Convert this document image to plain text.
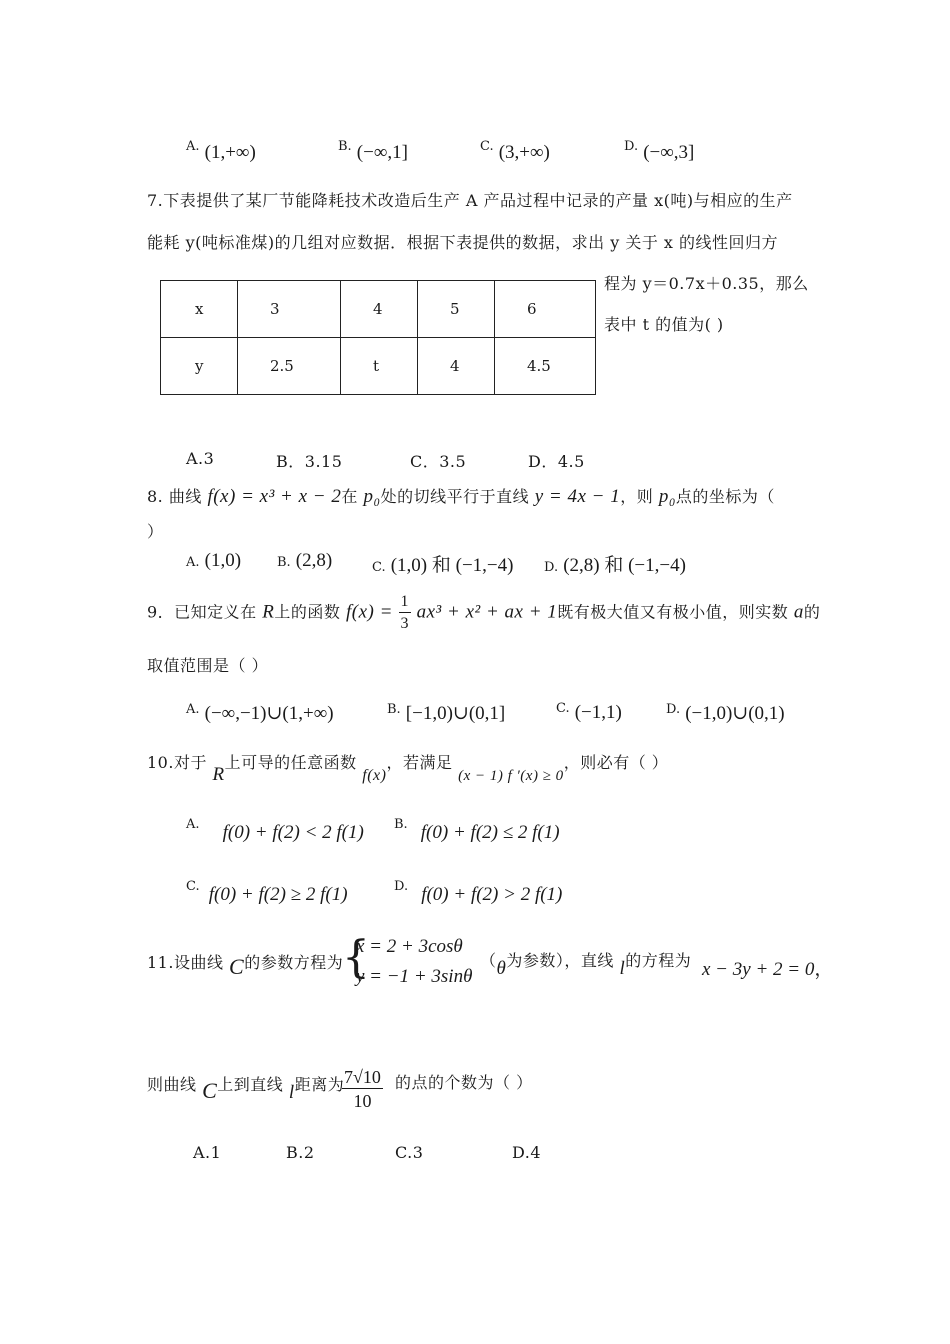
A. (1,+∞)	B. (−∞,1]	C. (3,+∞)	D. (−∞,3]
7.下表提供了某厂节能降耗技术改造后生产 A 产品过程中记录的产量 x(吨)与相应的生产
能耗 y(吨标准煤)的几组对应数据．根据下表提供的数据，求出 y 关于 x 的线性回归方
程为 y＝0.7x＋0.35，那么
表中 t 的值为( )
x	3	4	5	6
y	2.5	t	4	4.5
A.3	B．3.15	C．3.5	D．4.5
8. 曲线 f(x) = x³ + x − 2在 p₀处的切线平行于直线 y = 4x − 1，则 p₀点的坐标为（
）
A. (1,0)	B. (2,8)	C. (1,0) 和 (−1,−4) D. (2,8) 和 (−1,−4)
9．已知定义在 R上的函数 $f(x) = \frac{1}{3} ax^3 + x^2$ + ax + 1既有极大值又有极小值，则实数 a的
取值范围是（ ）
A. (−∞,−1)∪(1,+∞)	B. [−1,0)∪(0,1]	C. (−1,1)	D. (−1,0)∪(0,1)
10.对于 R上可导的任意函数 f(x)，若满足 (x − 1) f ′(x) ≥ 0，则必有（ ）
A. f(0) + f(2) < 2 f(1) B. f(0) + f(2) ≤ 2 f(1)
C. f(0) + f(2) ≥ 2 f(1)	D. f(0) + f(2) > 2 f(1)
11.设曲线 C的参数方程为
{
x = 2 + 3cosθ
y = −1 + 3sinθ
（θ为参数），直线 l的方程为 x − 3y + 2 = 0，
则曲线 C上到直线 l距离为
$\frac{7√10}{10}$ 的点的个数为（ ）
A.1	B.2	C.3	D.4
